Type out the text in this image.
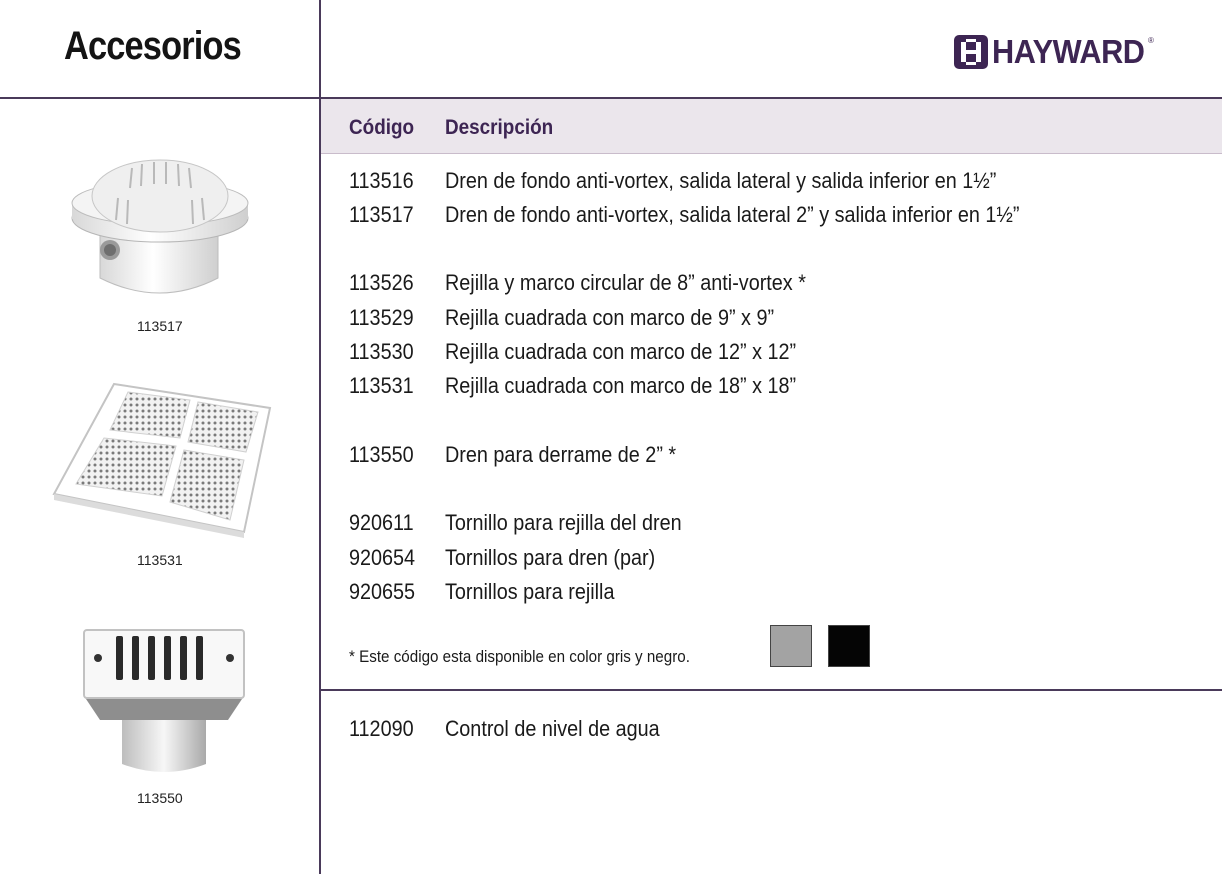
Accesorios	HAYWARD ®
Código Descripción
113516 Dren de fondo anti-vortex, salida lateral y salida inferior en 1½”
113517 Dren de fondo anti-vortex, salida lateral 2” y salida inferior en 1½”
113526 Rejilla y marco circular de 8” anti-vortex *
113529 Rejilla cuadrada con marco de 9” x 9”
113530 Rejilla cuadrada con marco de 12” x 12”
113531 Rejilla cuadrada con marco de 18” x 18”
113550 Dren para derrame de 2” *
920611 Tornillo para rejilla del dren
920654 Tornillos para dren (par)
920655 Tornillos para rejilla
* Este código esta disponible en color gris y negro.
112090 Control de nivel de agua
113517
113531
113550
